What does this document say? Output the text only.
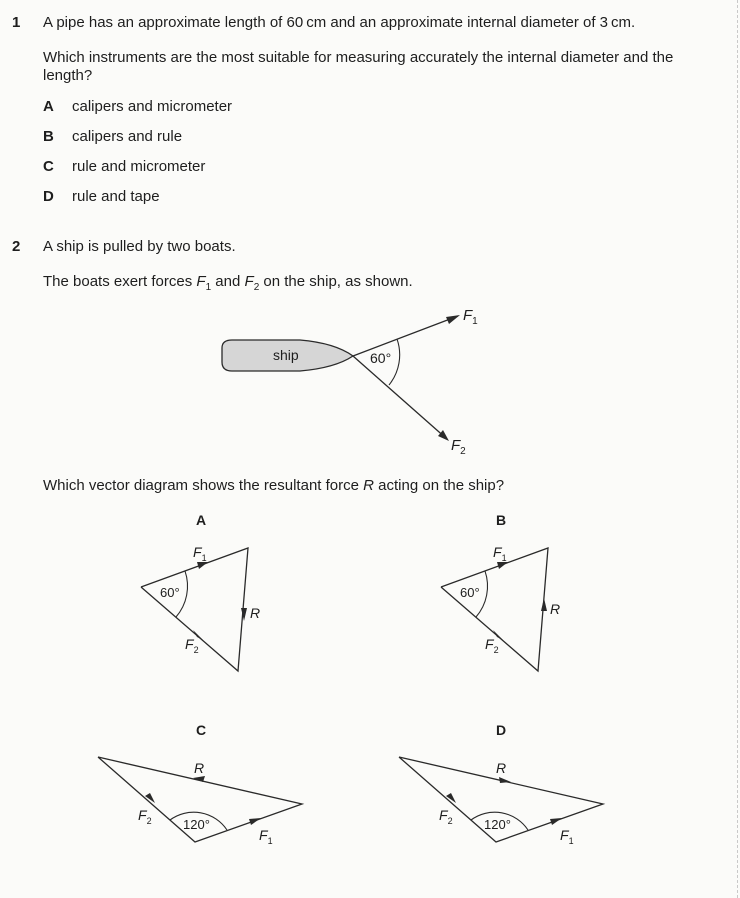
1 A pipe has an approximate length of 60 cm and an approximate internal diameter of 3 cm.
Which instruments are the most suitable for measuring accurately the internal diameter and the length?
A calipers and micrometer
B calipers and rule
C rule and micrometer
D rule and tape
2 A ship is pulled by two boats.
The boats exert forces $F_1$ and $F_2$ on the ship, as shown.
ship	60°
$F_1$
$F_2$
Which vector diagram shows the resultant force R acting on the ship?
A	B
C	D
60°
$F_1$
$F_2$
R
60°
$F_1$
$F_2$
R
120°
R
$F_2$
$F_1$
120°
R
$F_2$
$F_1$
